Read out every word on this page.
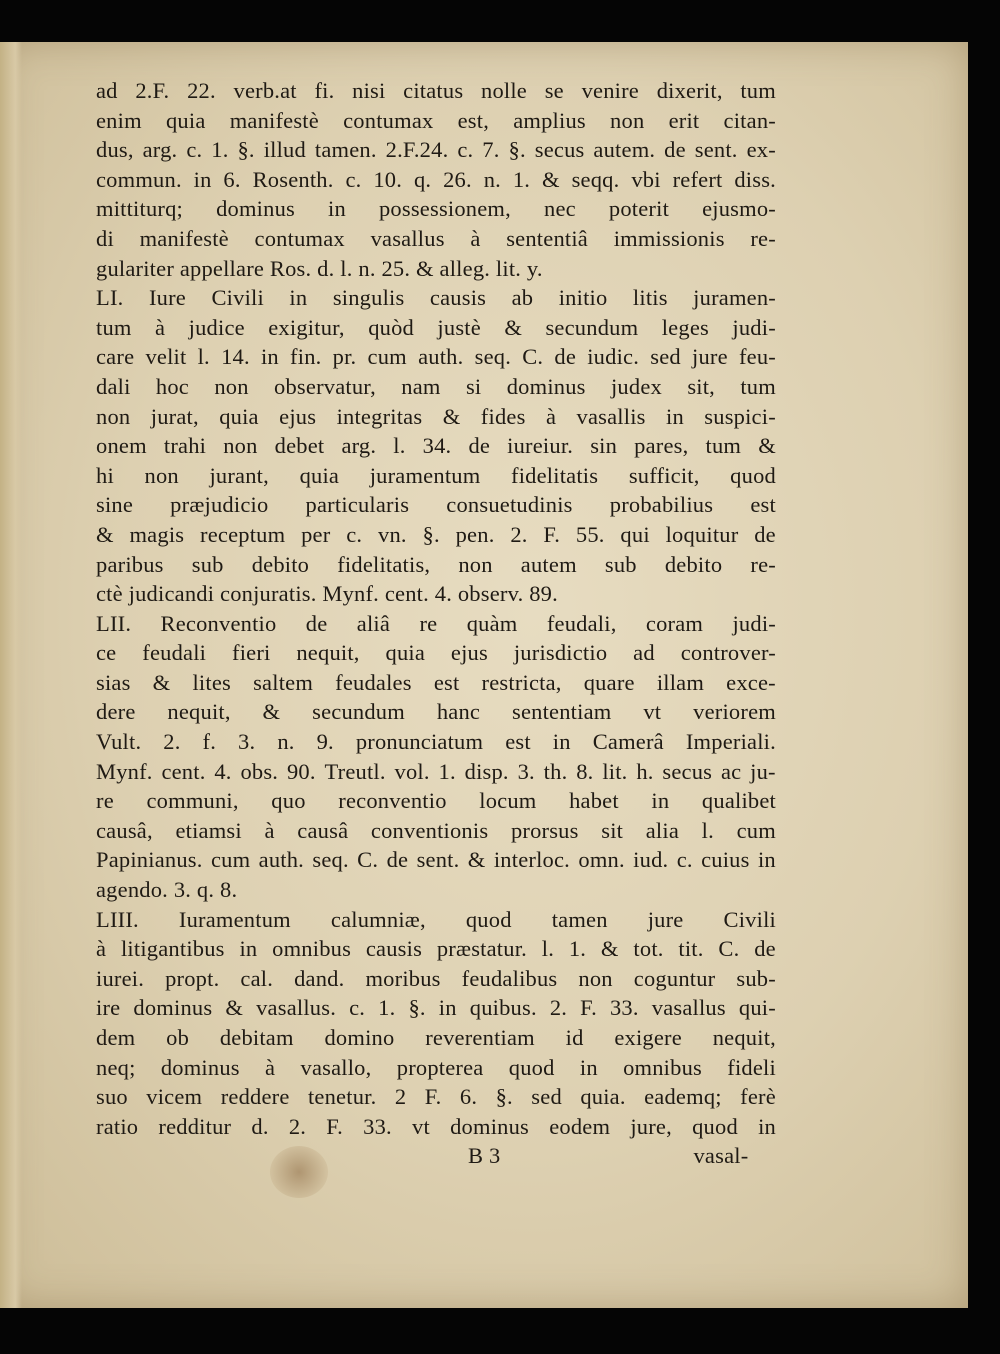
ad 2.F. 22. verb.at fi. nisi citatus nolle se venire dixerit, tum
enim quia manifestè contumax est, amplius non erit citan-
dus, arg. c. 1. §. illud tamen. 2.F.24. c. 7. §. secus autem. de sent. ex-
commun. in 6. Rosenth. c. 10. q. 26. n. 1. & seqq. vbi refert diss.
mittiturq; dominus in possessionem, nec poterit ejusmo-
di manifestè contumax vasallus à sententiâ immissionis re-
gulariter appellare Ros. d. l. n. 25. & alleg. lit. y.
LI. Iure Civili in singulis causis ab initio litis juramen-
tum à judice exigitur, quòd justè & secundum leges judi-
care velit l. 14. in fin. pr. cum auth. seq. C. de iudic. sed jure feu-
dali hoc non observatur, nam si dominus judex sit, tum
non jurat, quia ejus integritas & fides à vasallis in suspici-
onem trahi non debet arg. l. 34. de iureiur. sin pares, tum &
hi non jurant, quia juramentum fidelitatis sufficit, quod
sine præjudicio particularis consuetudinis probabilius est
& magis receptum per c. vn. §. pen. 2. F. 55. qui loquitur de
paribus sub debito fidelitatis, non autem sub debito re-
ctè judicandi conjuratis. Mynf. cent. 4. observ. 89.
LII. Reconventio de aliâ re quàm feudali, coram judi-
ce feudali fieri nequit, quia ejus jurisdictio ad controver-
sias & lites saltem feudales est restricta, quare illam exce-
dere nequit, & secundum hanc sententiam vt veriorem
Vult. 2. f. 3. n. 9. pronunciatum est in Camerâ Imperiali.
Mynf. cent. 4. obs. 90. Treutl. vol. 1. disp. 3. th. 8. lit. h. secus ac ju-
re communi, quo reconventio locum habet in qualibet
causâ, etiamsi à causâ conventionis prorsus sit alia l. cum
Papinianus. cum auth. seq. C. de sent. & interloc. omn. iud. c. cuius in
agendo. 3. q. 8.
LIII. Iuramentum calumniæ, quod tamen jure Civili
à litigantibus in omnibus causis præstatur. l. 1. & tot. tit. C. de
iurei. propt. cal. dand. moribus feudalibus non coguntur sub-
ire dominus & vasallus. c. 1. §. in quibus. 2. F. 33. vasallus qui-
dem ob debitam domino reverentiam id exigere nequit,
neq; dominus à vasallo, propterea quod in omnibus fideli
suo vicem reddere tenetur. 2 F. 6. §. sed quia. eademq; ferè
ratio redditur d. 2. F. 33. vt dominus eodem jure, quod in
B 3	vasal-
